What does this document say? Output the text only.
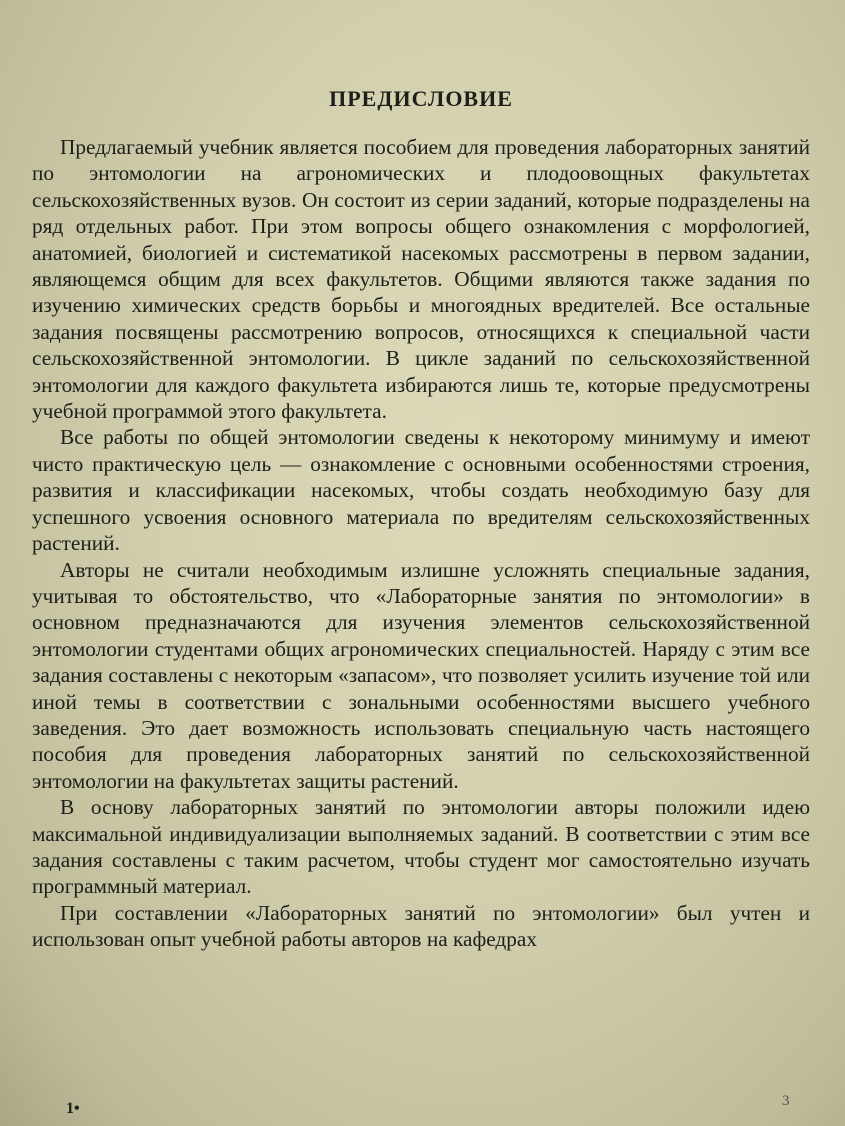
ПРЕДИСЛОВИЕ

Предлагаемый учебник является пособием для проведения лабораторных занятий по энтомологии на агрономических и плодоовощных факультетах сельскохозяйственных вузов. Он состоит из серии заданий, которые подразделены на ряд отдельных работ. При этом вопросы общего ознакомления с морфологией, анатомией, биологией и систематикой насекомых рассмотрены в первом задании, являющемся общим для всех факультетов. Общими являются также задания по изучению химических средств борьбы и многоядных вредителей. Все остальные задания посвящены рассмотрению вопросов, относящихся к специальной части сельскохозяйственной энтомологии. В цикле заданий по сельскохозяйственной энтомологии для каждого факультета избираются лишь те, которые предусмотрены учебной программой этого факультета.

Все работы по общей энтомологии сведены к некоторому минимуму и имеют чисто практическую цель — ознакомление с основными особенностями строения, развития и классификации насекомых, чтобы создать необходимую базу для успешного усвоения основного материала по вредителям сельскохозяйственных растений.

Авторы не считали необходимым излишне усложнять специальные задания, учитывая то обстоятельство, что «Лабораторные занятия по энтомологии» в основном предназначаются для изучения элементов сельскохозяйственной энтомологии студентами общих агрономических специальностей. Наряду с этим все задания составлены с некоторым «запасом», что позволяет усилить изучение той или иной темы в соответствии с зональными особенностями высшего учебного заведения. Это дает возможность использовать специальную часть настоящего пособия для проведения лабораторных занятий по сельскохозяйственной энтомологии на факультетах защиты растений.

В основу лабораторных занятий по энтомологии авторы положили идею максимальной индивидуализации выполняемых заданий. В соответствии с этим все задания составлены с таким расчетом, чтобы студент мог самостоятельно изучать программный материал.

При составлении «Лабораторных занятий по энтомологии» был учтен и использован опыт учебной работы авторов на кафедрах

1•	3
